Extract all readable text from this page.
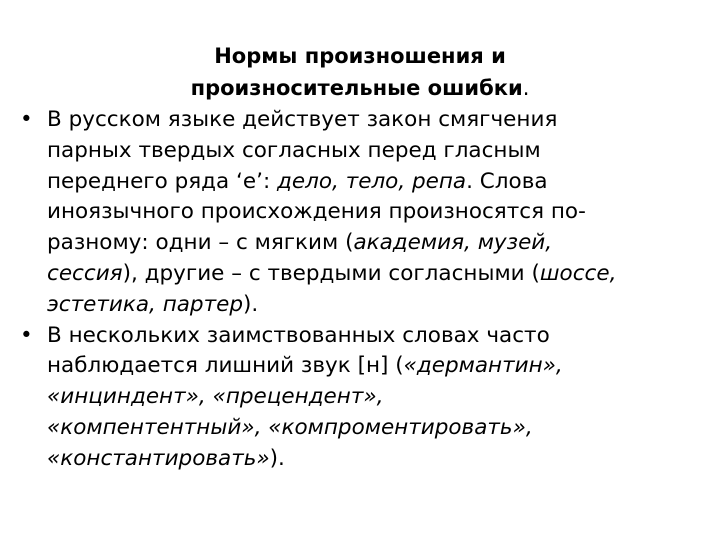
Нормы произношения и
произносительные ошибки.
• В русском языке действует закон смягчения
парных твердых согласных перед гласным
переднего ряда ‘е’: дело, тело, репа. Слова
иноязычного происхождения произносятся по-
разному: одни – с мягким (академия, музей,
сессия), другие – с твердыми согласными (шоссе,
эстетика, партер).
• В нескольких заимствованных словах часто
наблюдается лишний звук [н] («дермантин»,
«инциндент», «прецендент»,
«компентентный», «компроментировать»,
«константировать»).
